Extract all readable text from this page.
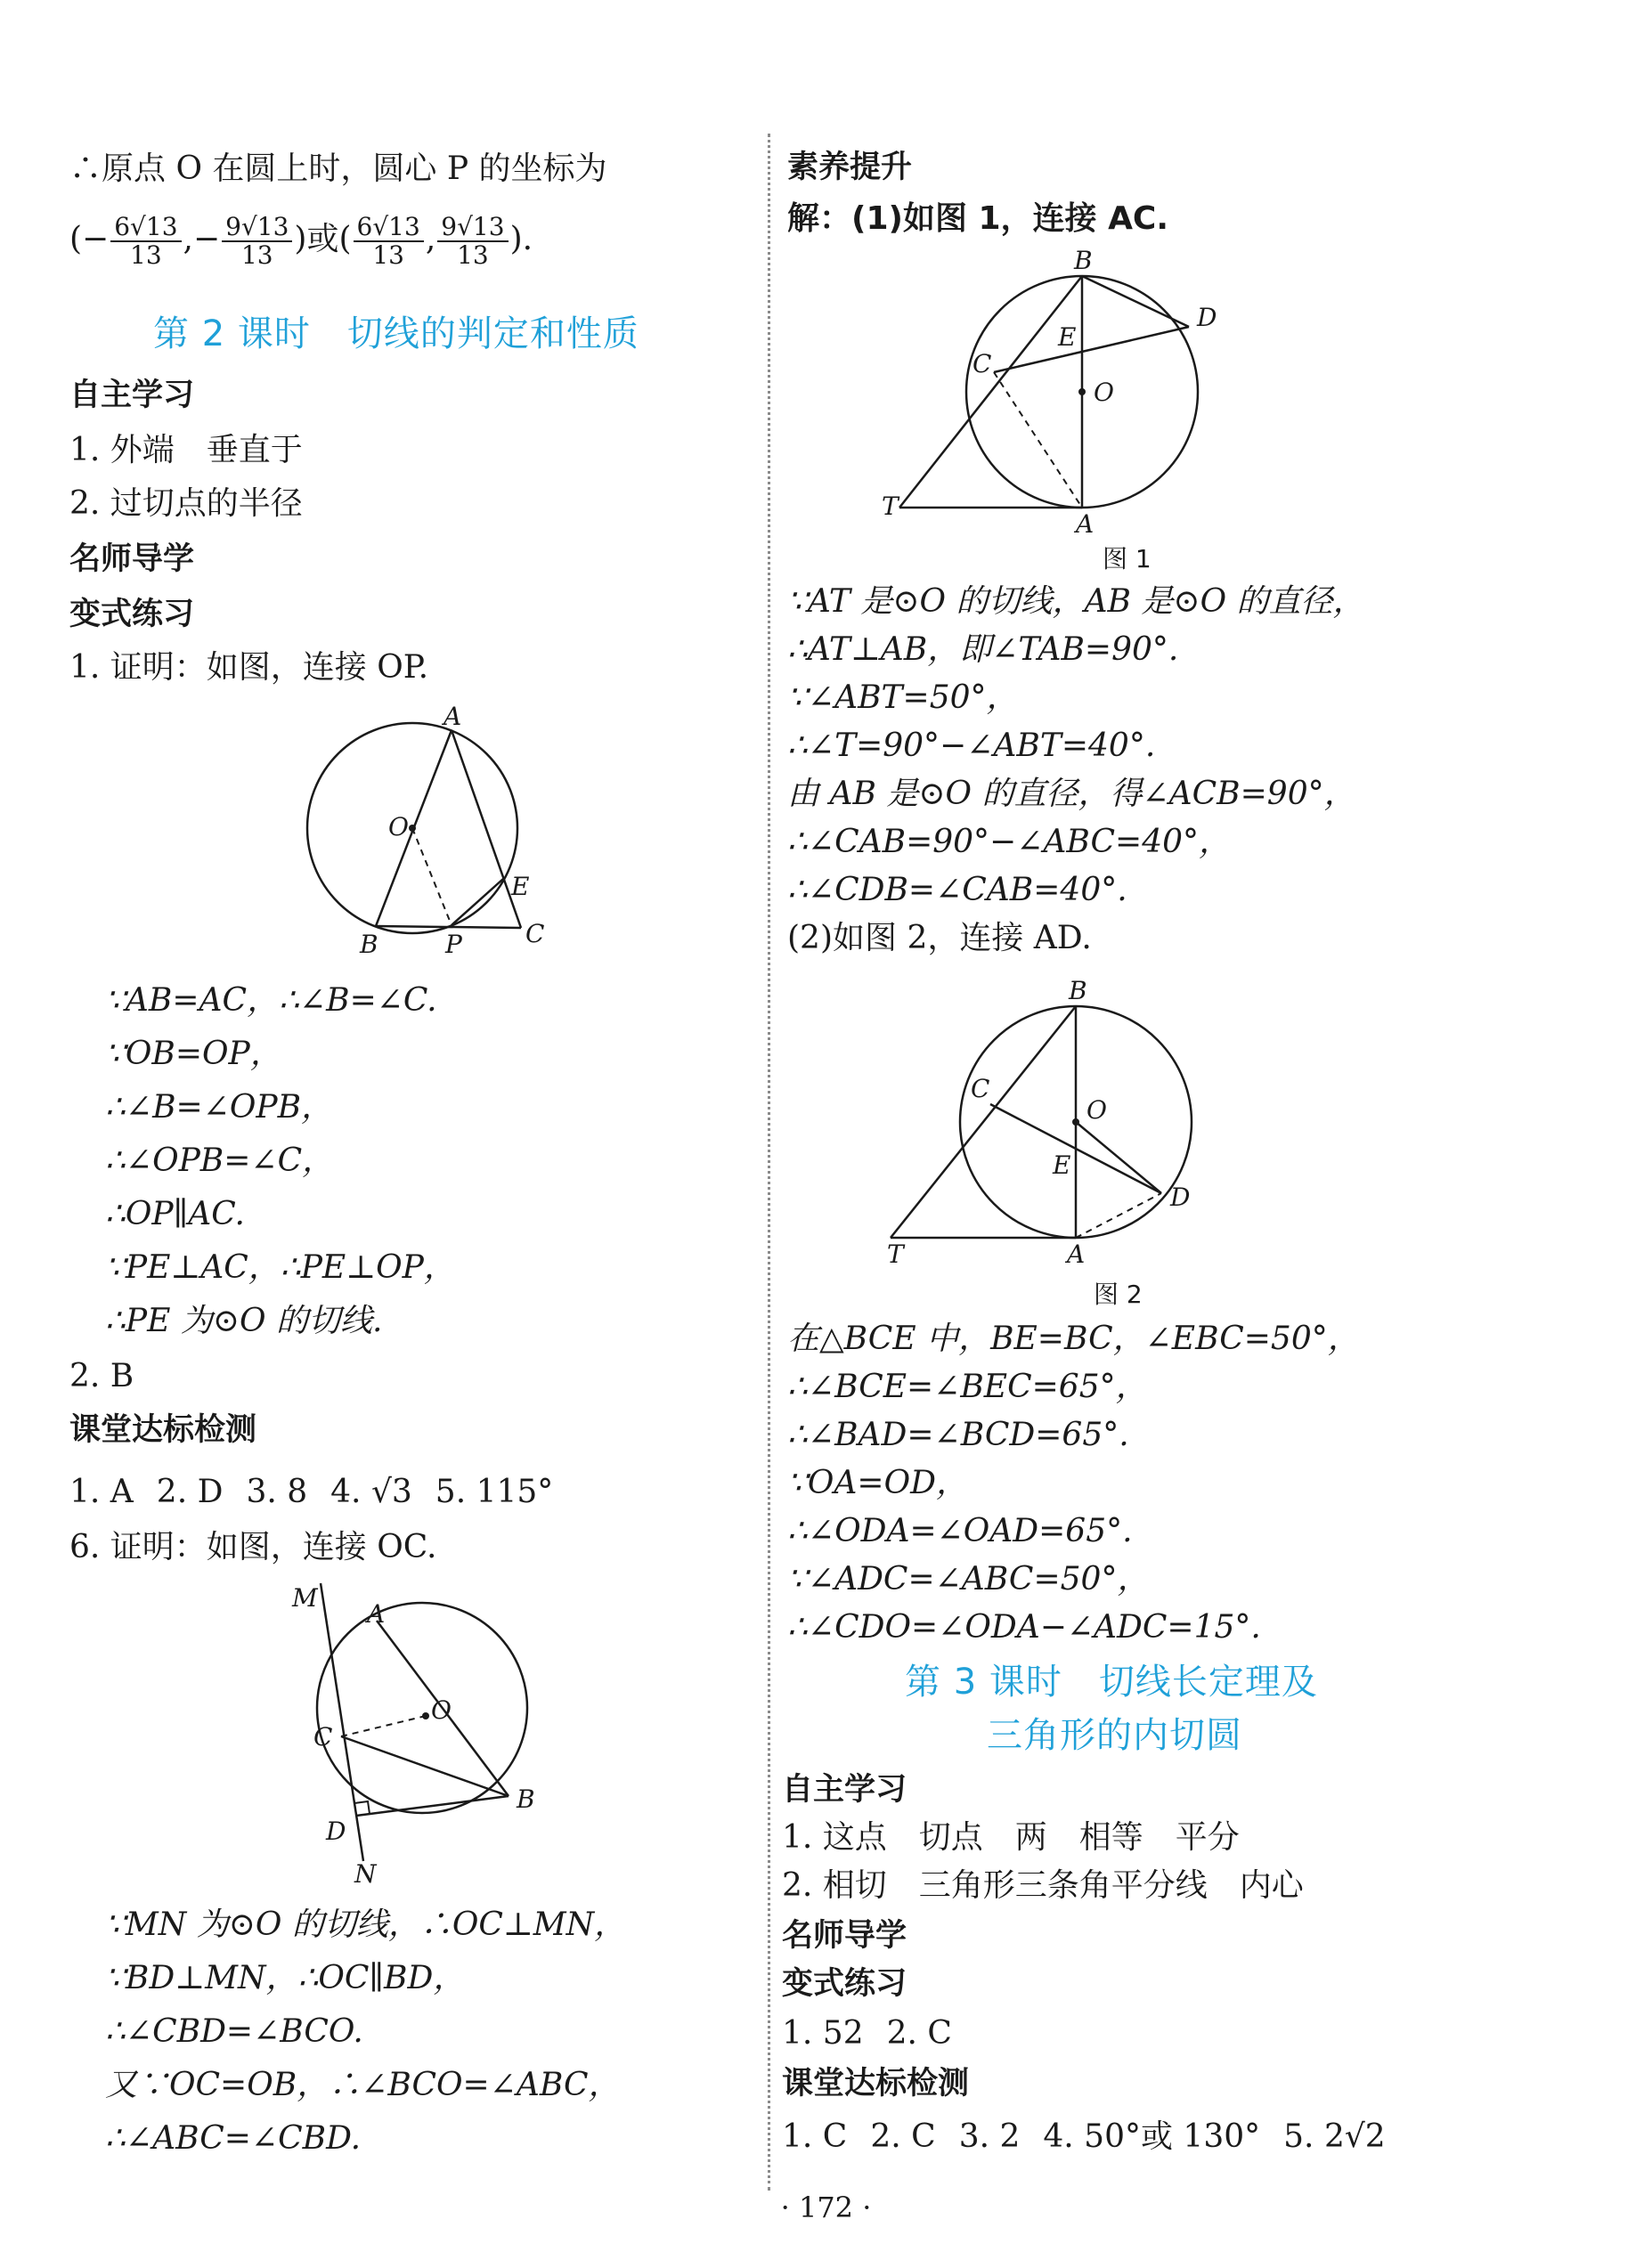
∴原点 O 在圆上时，圆心 P 的坐标为
(− $\frac{6√13}{13}$ ,− $\frac{9√13}{13}$ )或( $\frac{6√13}{13}$ , $\frac{9√13}{13}$ ).
第 2 课时　切线的判定和性质
自主学习
1. 外端　垂直于
2. 过切点的半径
名师导学
变式练习
1. 证明：如图，连接 OP.
A
O
E
B	P	C
∵AB=AC，∴∠B=∠C.
∵OB=OP，
∴∠B=∠OPB，
∴∠OPB=∠C，
∴OP∥AC.
∵PE⊥AC，∴PE⊥OP，
∴PE 为⊙O 的切线.
2. B
课堂达标检测
1. A 2. D 3. 8 4. √3 5. 115°
6. 证明：如图，连接 OC.
M
A
O
C
B
D
N
∵MN 为⊙O 的切线，∴OC⊥MN，
∵BD⊥MN，∴OC∥BD，
∴∠CBD=∠BCO.
又∵OC=OB，∴∠BCO=∠ABC，
∴∠ABC=∠CBD.
素养提升
解：(1)如图 1，连接 AC.
B
D
E
C
O
T
A
图 1
∵AT 是⊙O 的切线，AB 是⊙O 的直径，
∴AT⊥AB，即∠TAB=90°.
∵∠ABT=50°，
∴∠T=90°−∠ABT=40°.
由 AB 是⊙O 的直径，得∠ACB=90°，
∴∠CAB=90°−∠ABC=40°，
∴∠CDB=∠CAB=40°.
(2)如图 2，连接 AD.
B
C
O
E
D
T	A
图 2
在△BCE 中，BE=BC，∠EBC=50°，
∴∠BCE=∠BEC=65°，
∴∠BAD=∠BCD=65°.
∵OA=OD，
∴∠ODA=∠OAD=65°.
∵∠ADC=∠ABC=50°，
∴∠CDO=∠ODA−∠ADC=15°.
第 3 课时　切线长定理及
三角形的内切圆
自主学习
1. 这点　切点　两　相等　平分
2. 相切　三角形三条角平分线　内心
名师导学
变式练习
1. 52 2. C
课堂达标检测
1. C 2. C 3. 2 4. 50°或 130° 5. 2√2
· 172 ·
